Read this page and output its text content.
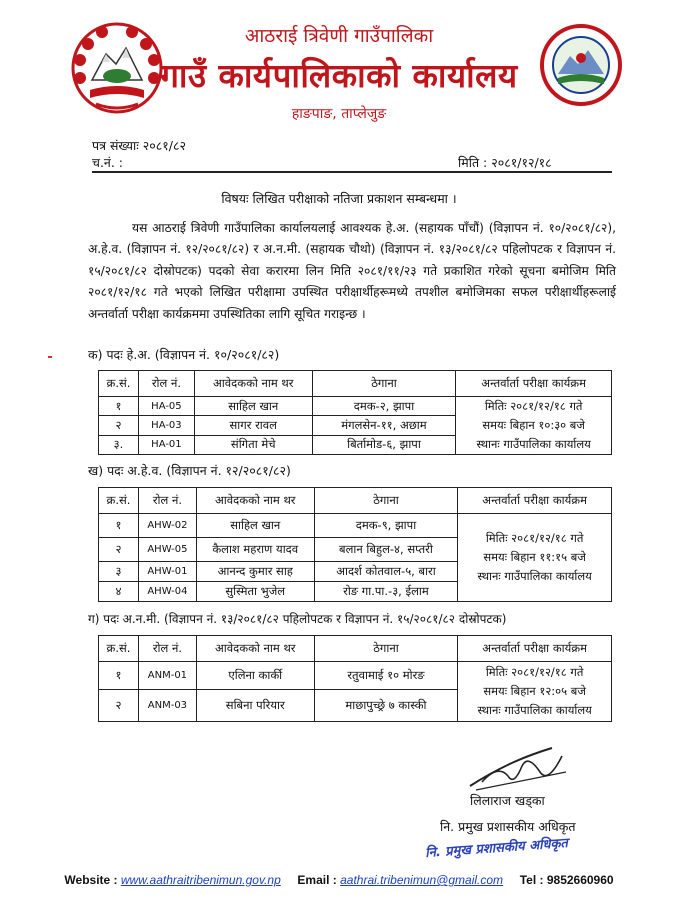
आठराई त्रिवेणी गाउँपालिका
गाउँ कार्यपालिकाको कार्यालय
हाङपाङ, ताप्लेजुङ
पत्र संख्याः २०८१/८२
च.नं. :	मिति : २०८१/१२/१८
विषयः लिखित परीक्षाको नतिजा प्रकाशन सम्बन्धमा ।
यस आठराई त्रिवेणी गाउँपालिका कार्यालयलाई आवश्यक हे.अ. (सहायक पाँचौं) (विज्ञापन नं. १०/२०८१/८२), अ.हे.व. (विज्ञापन नं. १२/२०८१/८२) र अ.न.मी. (सहायक चौथो) (विज्ञापन नं. १३/२०८१/८२ पहिलोपटक र विज्ञापन नं. १५/२०८१/८२ दोस्रोपटक) पदको सेवा करारमा लिन मिति २०८१/११/२३ गते प्रकाशित गरेको सूचना बमोजिम मिति २०८१/१२/१८ गते भएको लिखित परीक्षामा उपस्थित परीक्षार्थीहरूमध्ये तपशील बमोजिमका सफल परीक्षार्थीहरूलाई अन्तर्वार्ता परीक्षा कार्यक्रममा उपस्थितिका लागि सूचित गराइन्छ ।
क) पदः हे.अ. (विज्ञापन नं. १०/२०८१/८२)
क्र.सं.	रोल नं.	आवेदकको नाम थर	ठेगाना	अन्तर्वार्ता परीक्षा कार्यक्रम
१	HA-05	साहिल खान	दमक-२, झापा	मितिः २०८१/१२/१८ गते
समयः बिहान १०:३० बजे
स्थानः गाउँपालिका कार्यालय

२	HA-03	सागर रावल	मंगलसेन-११, अछाम	
३.	HA-01	संगिता मेचे	बिर्तामोड-६, झापा	
ख) पदः अ.हे.व. (विज्ञापन नं. १२/२०८१/८२)
क्र.सं.	रोल नं.	आवेदकको नाम थर	ठेगाना	अन्तर्वार्ता परीक्षा कार्यक्रम
१	AHW-02	साहिल खान	दमक-९, झापा	मितिः २०८१/१२/१८ गते
समयः बिहान ११:१५ बजे
स्थानः गाउँपालिका कार्यालय

२	AHW-05	कैलाश महराण यादव	बलान बिहुल-४, सप्तरी	
३	AHW-01	आनन्द कुमार साह	आदर्श कोतवाल-५, बारा	
४	AHW-04	सुस्मिता भुजेल	रोङ गा.पा.-३, ईलाम	
ग) पदः अ.न.मी. (विज्ञापन नं. १३/२०८१/८२ पहिलोपटक र विज्ञापन नं. १५/२०८१/८२ दोस्रोपटक)
क्र.सं.	रोल नं.	आवेदकको नाम थर	ठेगाना	अन्तर्वार्ता परीक्षा कार्यक्रम
१	ANM-01	एलिना कार्की	रतुवामाई १० मोरङ	मितिः २०८१/१२/१८ गते
समयः बिहान १२:०५ बजे
स्थानः गाउँपालिका कार्यालय

२	ANM-03	सबिना परियार	माछापुच्छ्रे ७ कास्की	
लिलाराज खड्का
नि. प्रमुख प्रशासकीय अधिकृत
नि. प्रमुख प्रशासकीय अधिकृत
Website : www.aathraitribenimun.gov.np Email : aathrai.tribenimun@gmail.com Tel : 9852660960
